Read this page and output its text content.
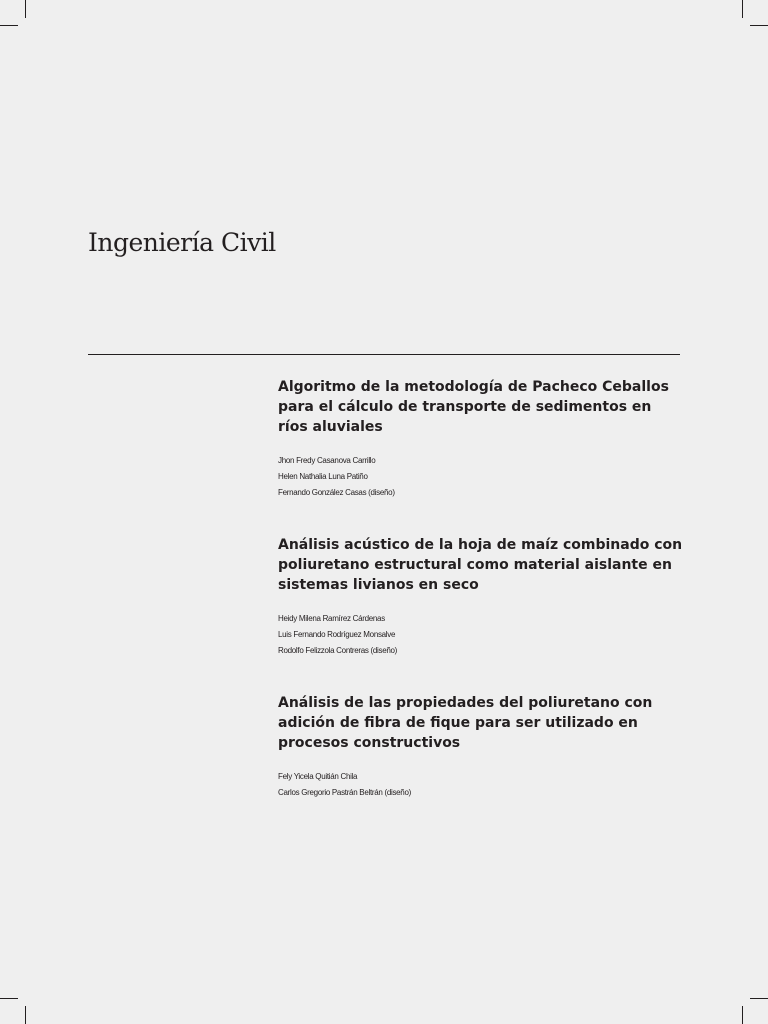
Ingeniería Civil
Algoritmo de la metodología de Pacheco Ceballos para el cálculo de transporte de sedimentos en ríos aluviales
Jhon Fredy Casanova Carrillo
Helen Nathalia Luna Patiño
Fernando González Casas (diseño)
Análisis acústico de la hoja de maíz combinado con poliuretano estructural como material aislante en sistemas livianos en seco
Heidy Milena Ramírez Cárdenas
Luis Fernando Rodríguez Monsalve
Rodolfo Felizzola Contreras (diseño)
Análisis de las propiedades del poliuretano con adición de fibra de fique para ser utilizado en procesos constructivos
Fely Yicela Quitián Chila
Carlos Gregorio Pastrán Beltrán (diseño)
